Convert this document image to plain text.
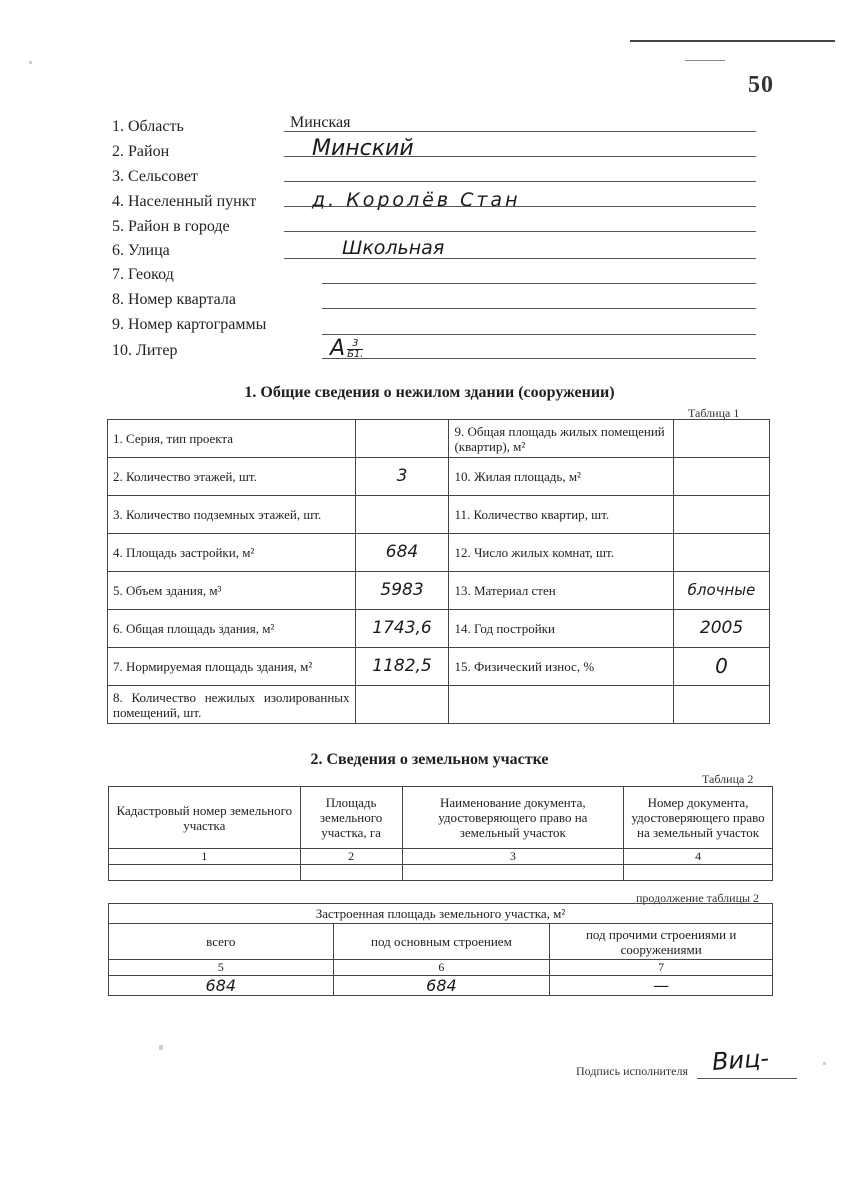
50
1. Область	Минская
2. Район	Минский
3. Сельсовет
4. Населенный пункт	д. Королёв Стан
5. Район в городе
6. Улица	Школьная
7. Геокод
8. Номер квартала
9. Номер картограммы
10. Литер	А 3
Б1.
1. Общие сведения о нежилом здании (сооружении)
Таблица 1
1. Серия, тип проекта		9. Общая площадь жилых помещений (квартир), м²	
2. Количество этажей, шт.	3	10. Жилая площадь, м²	
3. Количество подземных этажей, шт.		11. Количество квартир, шт.	
4. Площадь застройки, м²	684	12. Число жилых комнат, шт.	
5. Объем здания, м³	5983	13. Материал стен	блочные
6. Общая площадь здания, м²	1743,6	14. Год постройки	2005
7. Нормируемая площадь здания, м²	1182,5	15. Физический износ, %	0
8. Количество нежилых изолированных помещений, шт.			
2. Сведения о земельном участке
Таблица 2
Кадастровый номер земельного участка	Площадь земельного участка, га	Наименование документа, удостоверяющего право на земельный участок	Номер документа, удостоверяющего право на земельный участок
1	2	3	4

продолжение таблицы 2
Застроенная площадь земельного участка, м²		
всего	под основным строением	под прочими строениями и сооружениями
5	6	7
684	684	—
Подпись исполнителя Виц-
